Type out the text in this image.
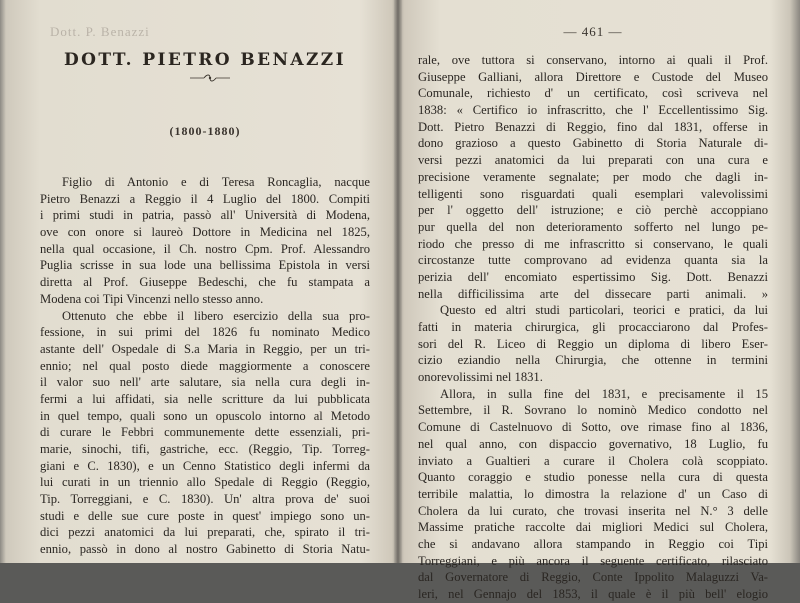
Dott. P. Benazzi
DOTT. PIETRO BENAZZI
(1800-1880)
Figlio di Antonio e di Teresa Roncaglia, nacque
Pietro Benazzi a Reggio il 4 Luglio del 1800. Compiti
i primi studi in patria, passò all' Università di Modena,
ove con onore si laureò Dottore in Medicina nel 1825,
nella qual occasione, il Ch. nostro Cpm. Prof. Alessandro
Puglia scrisse in sua lode una bellissima Epistola in versi
diretta al Prof. Giuseppe Bedeschi, che fu stampata a
Modena coi Tipi Vincenzi nello stesso anno.
Ottenuto che ebbe il libero esercizio della sua pro-
fessione, in sui primi del 1826 fu nominato Medico
astante dell' Ospedale di S.a Maria in Reggio, per un tri-
ennio; nel qual posto diede maggiormente a conoscere
il valor suo nell' arte salutare, sia nella cura degli in-
fermi a lui affidati, sia nelle scritture da lui pubblicata
in quel tempo, quali sono un opuscolo intorno al Metodo
di curare le Febbri communemente dette essenziali, pri-
marie, sinochi, tifi, gastriche, ecc. (Reggio, Tip. Torreg-
giani e C. 1830), e un Cenno Statistico degli infermi da
lui curati in un triennio allo Spedale di Reggio (Reggio,
Tip. Torreggiani, e C. 1830). Un' altra prova de' suoi
studi e delle sue cure poste in quest' impiego sono un-
dici pezzi anatomici da lui preparati, che, spirato il tri-
ennio, passò in dono al nostro Gabinetto di Storia Natu-
— 461 —
rale, ove tuttora si conservano, intorno ai quali il Prof.
Giuseppe Galliani, allora Direttore e Custode del Museo
Comunale, richiesto d' un certificato, così scriveva nel
1838: « Certifico io infrascritto, che l' Eccellentissimo Sig.
Dott. Pietro Benazzi di Reggio, fino dal 1831, offerse in
dono grazioso a questo Gabinetto di Storia Naturale di-
versi pezzi anatomici da lui preparati con una cura e
precisione veramente segnalate; per modo che dagli in-
telligenti sono risguardati quali esemplari valevolissimi
per l' oggetto dell' istruzione; e ciò perchè accoppiano
pur quella del non deterioramento sofferto nel lungo pe-
riodo che presso di me infrascritto si conservano, le quali
circostanze tutte comprovano ad evidenza quanta sia la
perizia dell' encomiato espertissimo Sig. Dott. Benazzi
nella difficilissima arte del dissecare parti animali. »
Questo ed altri studi particolari, teorici e pratici, da lui
fatti in materia chirurgica, gli procacciarono dal Profes-
sori del R. Liceo di Reggio un diploma di libero Eser-
cizio eziandio nella Chirurgia, che ottenne in termini
onorevolissimi nel 1831.
Allora, in sulla fine del 1831, e precisamente il 15
Settembre, il R. Sovrano lo nominò Medico condotto nel
Comune di Castelnuovo di Sotto, ove rimase fino al 1836,
nel qual anno, con dispaccio governativo, 18 Luglio, fu
inviato a Gualtieri a curare il Cholera colà scoppiato.
Quanto coraggio e studio ponesse nella cura di questa
terribile malattia, lo dimostra la relazione d' un Caso di
Cholera da lui curato, che trovasi inserita nel N.° 3 delle
Massime pratiche raccolte dai migliori Medici sul Cholera,
che si andavano allora stampando in Reggio coi Tipi
Torreggiani, e più ancora il seguente certificato, rilasciato
dal Governatore di Reggio, Conte Ippolito Malaguzzi Va-
leri, nel Gennajo del 1853, il quale è il più bell' elogio
